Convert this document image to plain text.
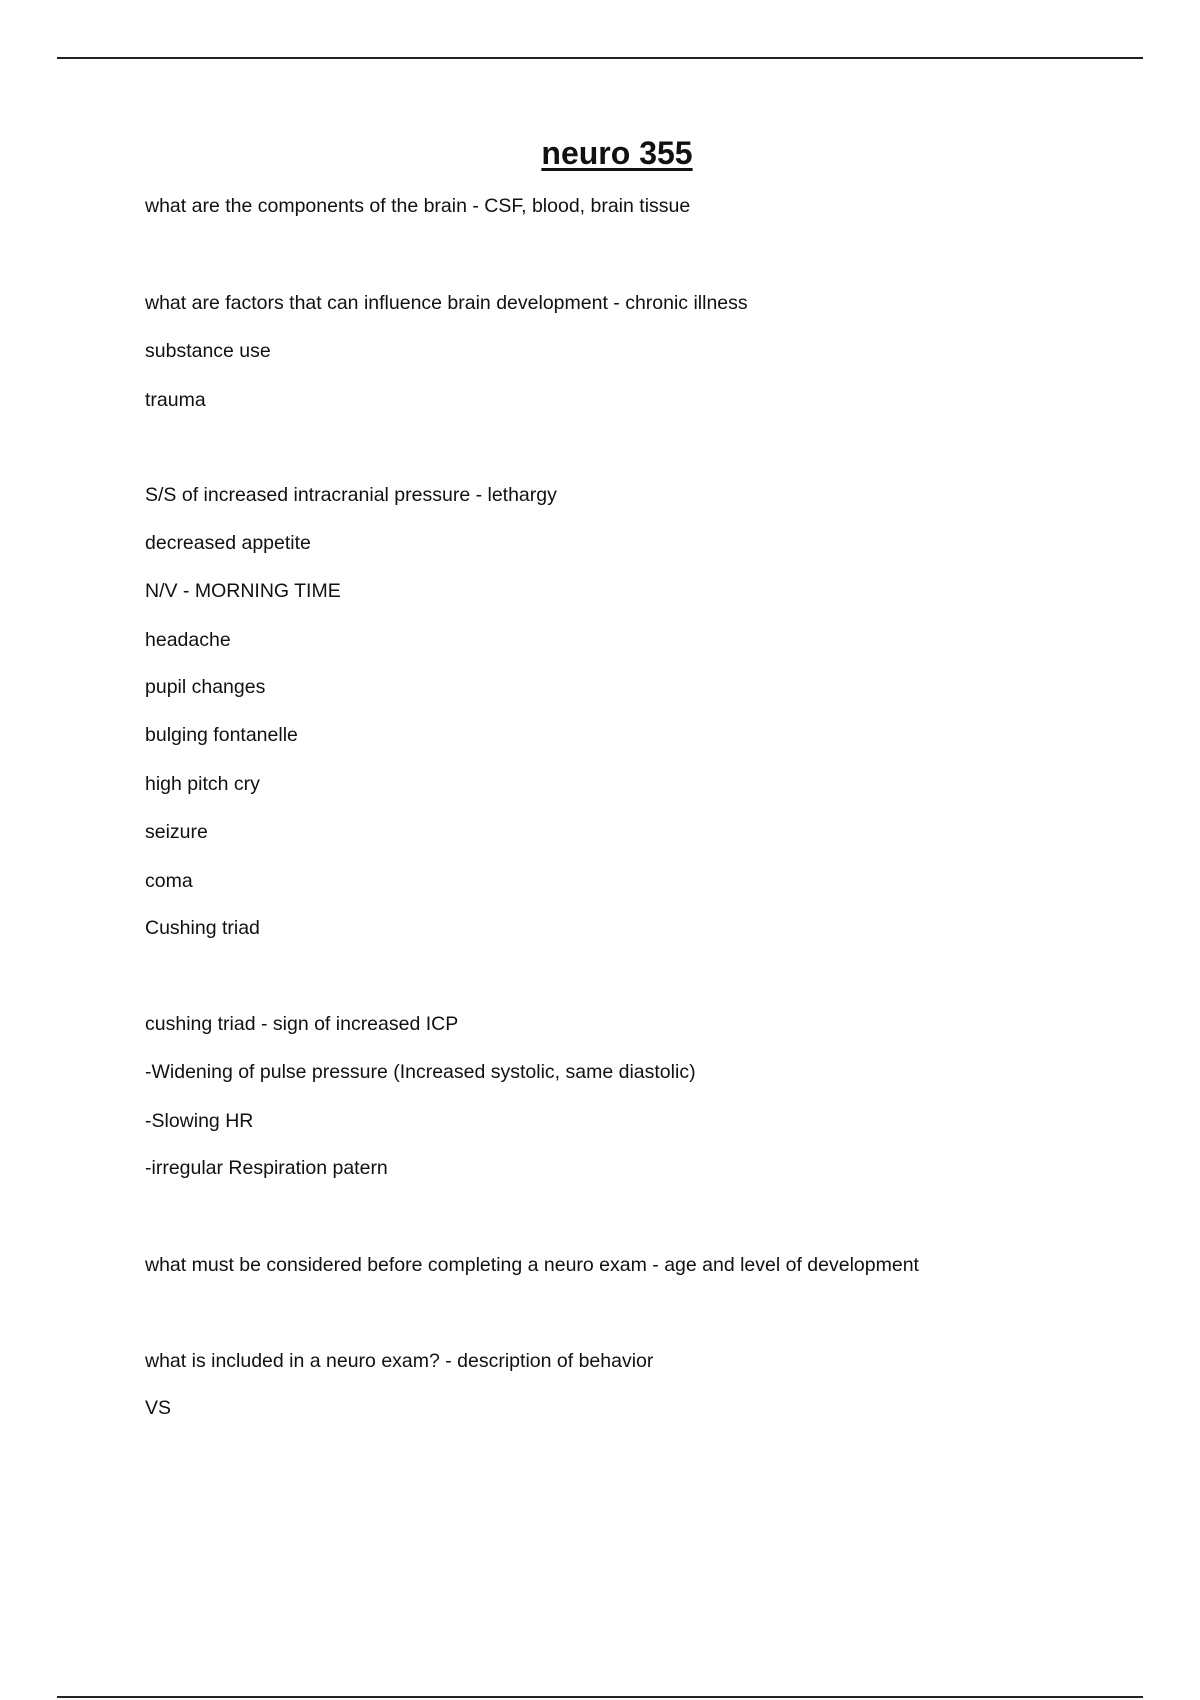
neuro 355
what are the components of the brain - CSF, blood, brain tissue
what are factors that can influence brain development - chronic illness
substance use
trauma
S/S of increased intracranial pressure - lethargy
decreased appetite
N/V - MORNING TIME
headache
pupil changes
bulging fontanelle
high pitch cry
seizure
coma
Cushing triad
cushing triad - sign of increased ICP
-Widening of pulse pressure (Increased systolic, same diastolic)
-Slowing HR
-irregular Respiration patern
what must be considered before completing a neuro exam - age and level of development
what is included in a neuro exam? - description of behavior
VS
